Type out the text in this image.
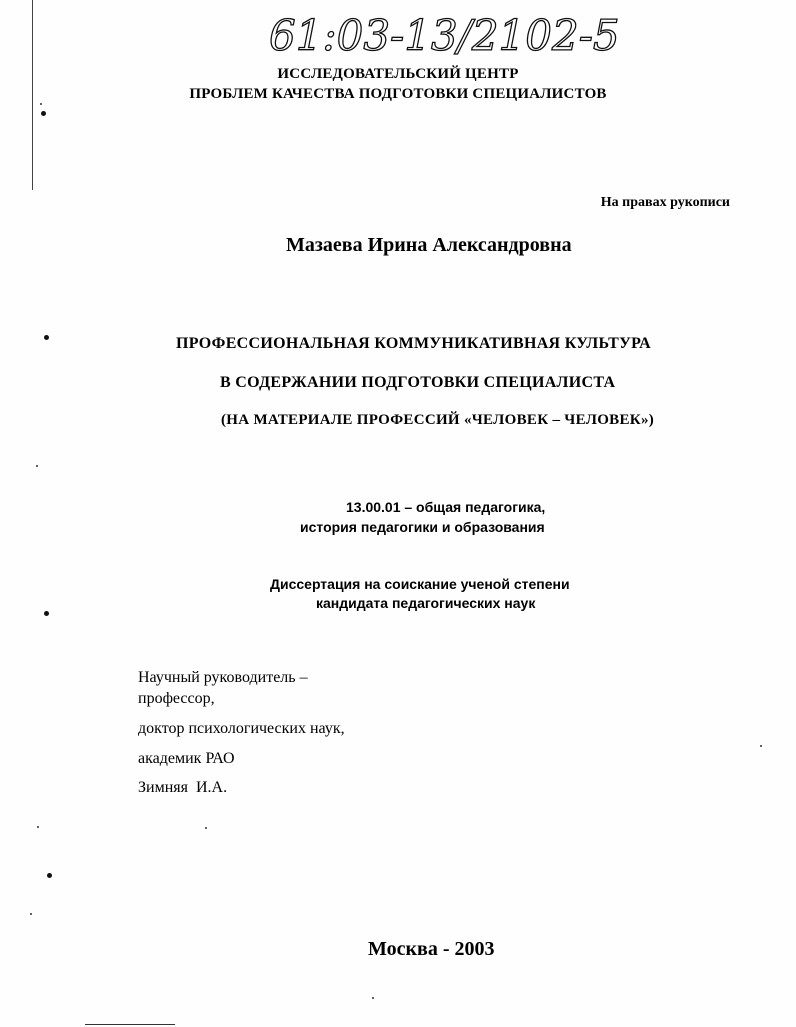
61:03-13/2102-5
ИССЛЕДОВАТЕЛЬСКИЙ ЦЕНТР
ПРОБЛЕМ КАЧЕСТВА ПОДГОТОВКИ СПЕЦИАЛИСТОВ
На правах рукописи
Мазаева Ирина Александровна
ПРОФЕССИОНАЛЬНАЯ КОММУНИКАТИВНАЯ КУЛЬТУРА
В СОДЕРЖАНИИ ПОДГОТОВКИ СПЕЦИАЛИСТА
(НА МАТЕРИАЛЕ ПРОФЕССИЙ «ЧЕЛОВЕК – ЧЕЛОВЕК»)
13.00.01 – общая педагогика,
история педагогики и образования
Диссертация на соискание ученой степени
кандидата педагогических наук
Научный руководитель –
профессор,
доктор психологических наук,
академик РАО
Зимняя  И.А.
Москва - 2003
